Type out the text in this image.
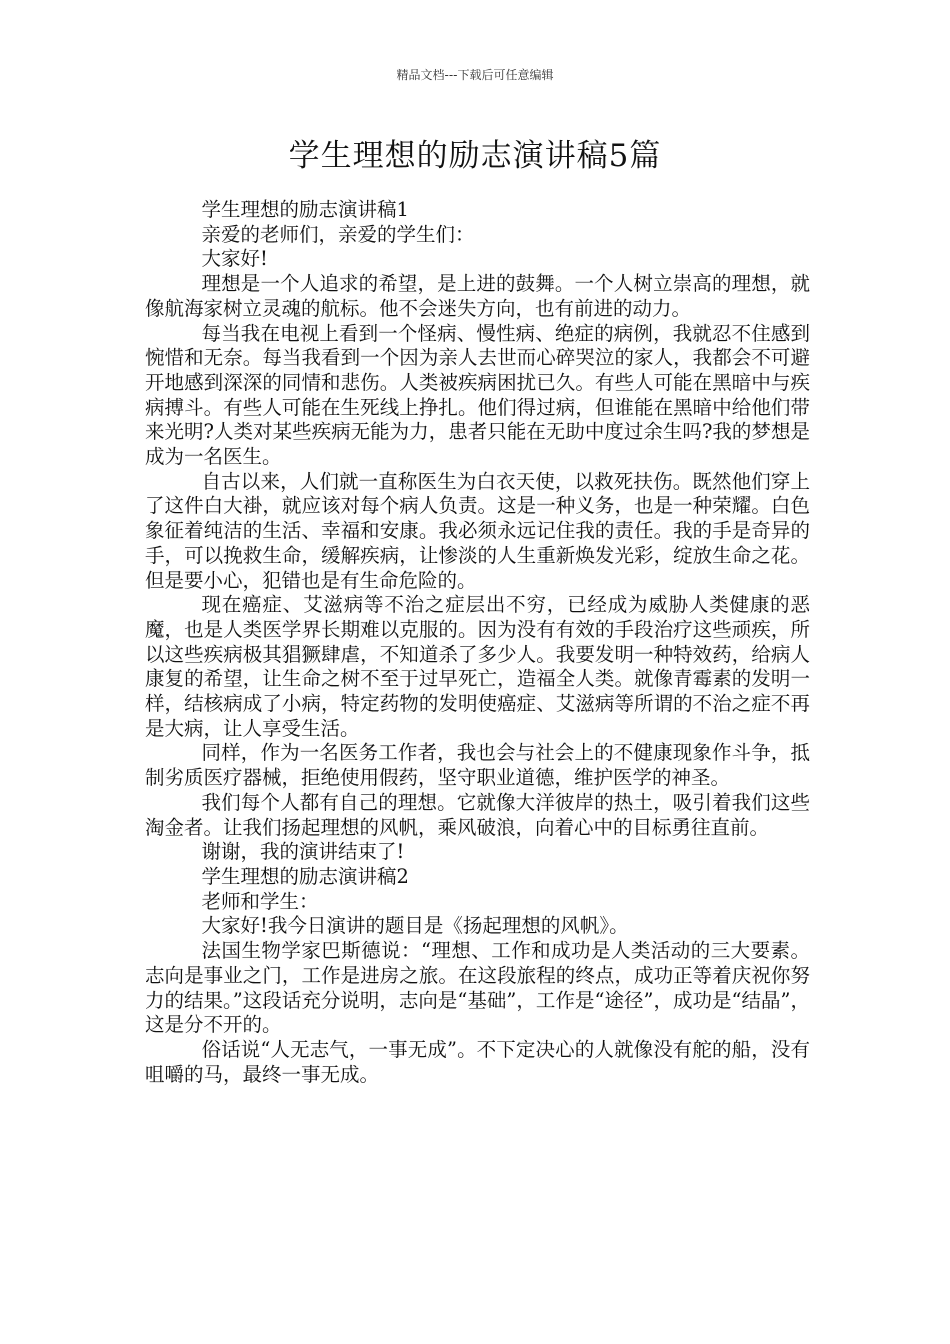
精品文档---下载后可任意编辑
学生理想的励志演讲稿5篇

学生理想的励志演讲稿1

亲爱的老师们，亲爱的学生们：

大家好!

理想是一个人追求的希望，是上进的鼓舞。一个人树立崇高的理想，就像航海家树立灵魂的航标。他不会迷失方向，也有前进的动力。

每当我在电视上看到一个怪病、慢性病、绝症的病例，我就忍不住感到惋惜和无奈。每当我看到一个因为亲人去世而心碎哭泣的家人，我都会不可避开地感到深深的同情和悲伤。人类被疾病困扰已久。有些人可能在黑暗中与疾病搏斗。有些人可能在生死线上挣扎。他们得过病，但谁能在黑暗中给他们带来光明?人类对某些疾病无能为力，患者只能在无助中度过余生吗?我的梦想是成为一名医生。

自古以来，人们就一直称医生为白衣天使，以救死扶伤。既然他们穿上了这件白大褂，就应该对每个病人负责。这是一种义务，也是一种荣耀。白色象征着纯洁的生活、幸福和安康。我必须永远记住我的责任。我的手是奇异的手，可以挽救生命，缓解疾病，让惨淡的人生重新焕发光彩，绽放生命之花。但是要小心，犯错也是有生命危险的。

现在癌症、艾滋病等不治之症层出不穷，已经成为威胁人类健康的恶魔，也是人类医学界长期难以克服的。因为没有有效的手段治疗这些顽疾，所以这些疾病极其猖獗肆虐，不知道杀了多少人。我要发明一种特效药，给病人康复的希望，让生命之树不至于过早死亡，造福全人类。就像青霉素的发明一样，结核病成了小病，特定药物的发明使癌症、艾滋病等所谓的不治之症不再是大病，让人享受生活。

同样，作为一名医务工作者，我也会与社会上的不健康现象作斗争，抵制劣质医疗器械，拒绝使用假药，坚守职业道德，维护医学的神圣。

我们每个人都有自己的理想。它就像大洋彼岸的热土，吸引着我们这些淘金者。让我们扬起理想的风帆，乘风破浪，向着心中的目标勇往直前。

谢谢，我的演讲结束了!

学生理想的励志演讲稿2

老师和学生：

大家好!我今日演讲的题目是《扬起理想的风帆》。

法国生物学家巴斯德说：“理想、工作和成功是人类活动的三大要素。志向是事业之门，工作是进房之旅。在这段旅程的终点，成功正等着庆祝你努力的结果。”这段话充分说明，志向是“基础”，工作是“途径”，成功是“结晶”，这是分不开的。

俗话说“人无志气，一事无成”。不下定决心的人就像没有舵的船，没有咀嚼的马，最终一事无成。
